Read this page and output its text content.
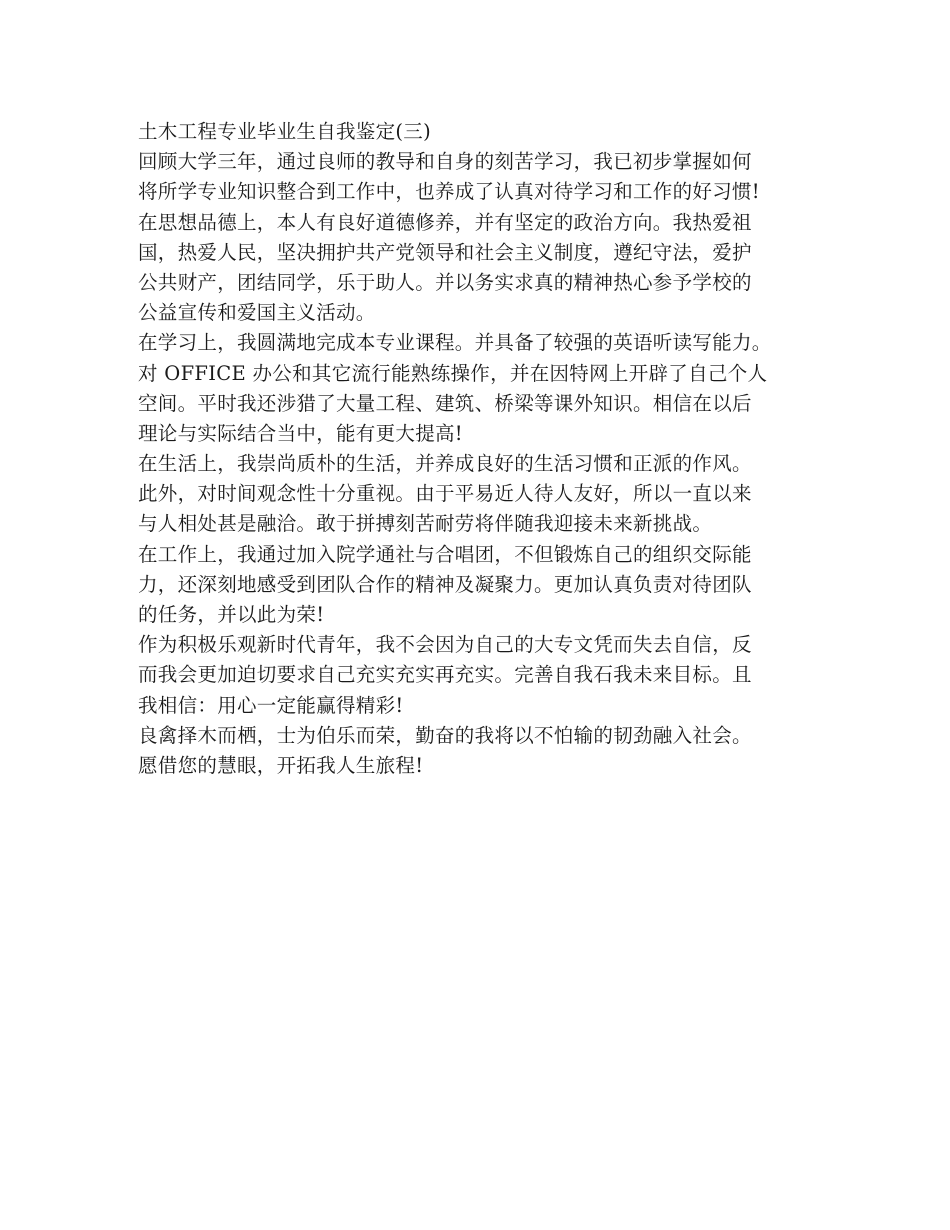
土木工程专业毕业生自我鉴定(三)
回顾大学三年，通过良师的教导和自身的刻苦学习，我已初步掌握如何
将所学专业知识整合到工作中，也养成了认真对待学习和工作的好习惯!
在思想品德上，本人有良好道德修养，并有坚定的政治方向。我热爱祖
国，热爱人民，坚决拥护共产党领导和社会主义制度，遵纪守法，爱护
公共财产，团结同学，乐于助人。并以务实求真的精神热心参予学校的
公益宣传和爱国主义活动。
在学习上，我圆满地完成本专业课程。并具备了较强的英语听读写能力。
对 OFFICE 办公和其它流行能熟练操作，并在因特网上开辟了自己个人
空间。平时我还涉猎了大量工程、建筑、桥梁等课外知识。相信在以后
理论与实际结合当中，能有更大提高!
在生活上，我崇尚质朴的生活，并养成良好的生活习惯和正派的作风。
此外，对时间观念性十分重视。由于平易近人待人友好，所以一直以来
与人相处甚是融洽。敢于拼搏刻苦耐劳将伴随我迎接未来新挑战。
在工作上，我通过加入院学通社与合唱团，不但锻炼自己的组织交际能
力，还深刻地感受到团队合作的精神及凝聚力。更加认真负责对待团队
的任务，并以此为荣!
作为积极乐观新时代青年，我不会因为自己的大专文凭而失去自信，反
而我会更加迫切要求自己充实充实再充实。完善自我石我未来目标。且
我相信：用心一定能赢得精彩!
良禽择木而栖，士为伯乐而荣，勤奋的我将以不怕输的韧劲融入社会。
愿借您的慧眼，开拓我人生旅程!
